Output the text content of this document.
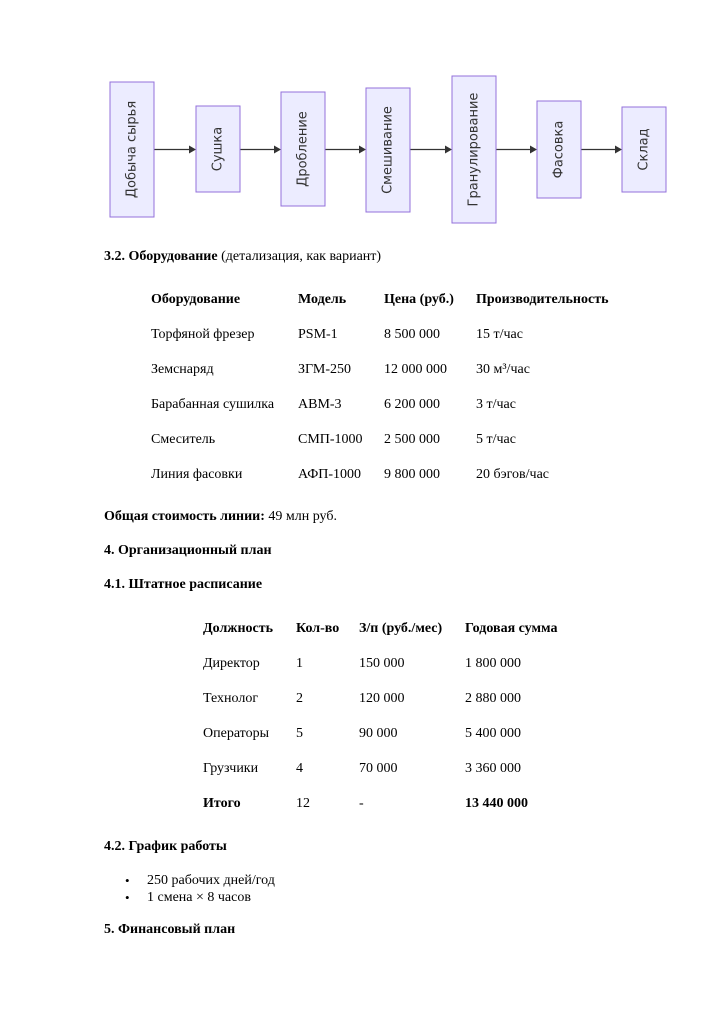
Добыча сырья	Сушка	Дробление	Смешивание	Гранулирование	Фасовка	Склад
3.2. Оборудование (детализация, как вариант)
Оборудование	Модель	Цена (руб.)	Производительность
Торфяной фрезер	PSM-1	8 500 000	15 т/час
Земснаряд	ЗГМ-250	12 000 000	30 м³/час
Барабанная сушилка	АВМ-3	6 200 000	3 т/час
Смеситель	СМП-1000	2 500 000	5 т/час
Линия фасовки	АФП-1000	9 800 000	20 бэгов/час
Общая стоимость линии: 49 млн руб.
4. Организационный план
4.1. Штатное расписание
Должность	Кол-во	З/п (руб./мес)	Годовая сумма
Директор	1	150 000	1 800 000
Технолог	2	120 000	2 880 000
Операторы	5	90 000	5 400 000
Грузчики	4	70 000	3 360 000
Итого	12	-	13 440 000
4.2. График работы
• 250 рабочих дней/год
• 1 смена × 8 часов
5. Финансовый план
